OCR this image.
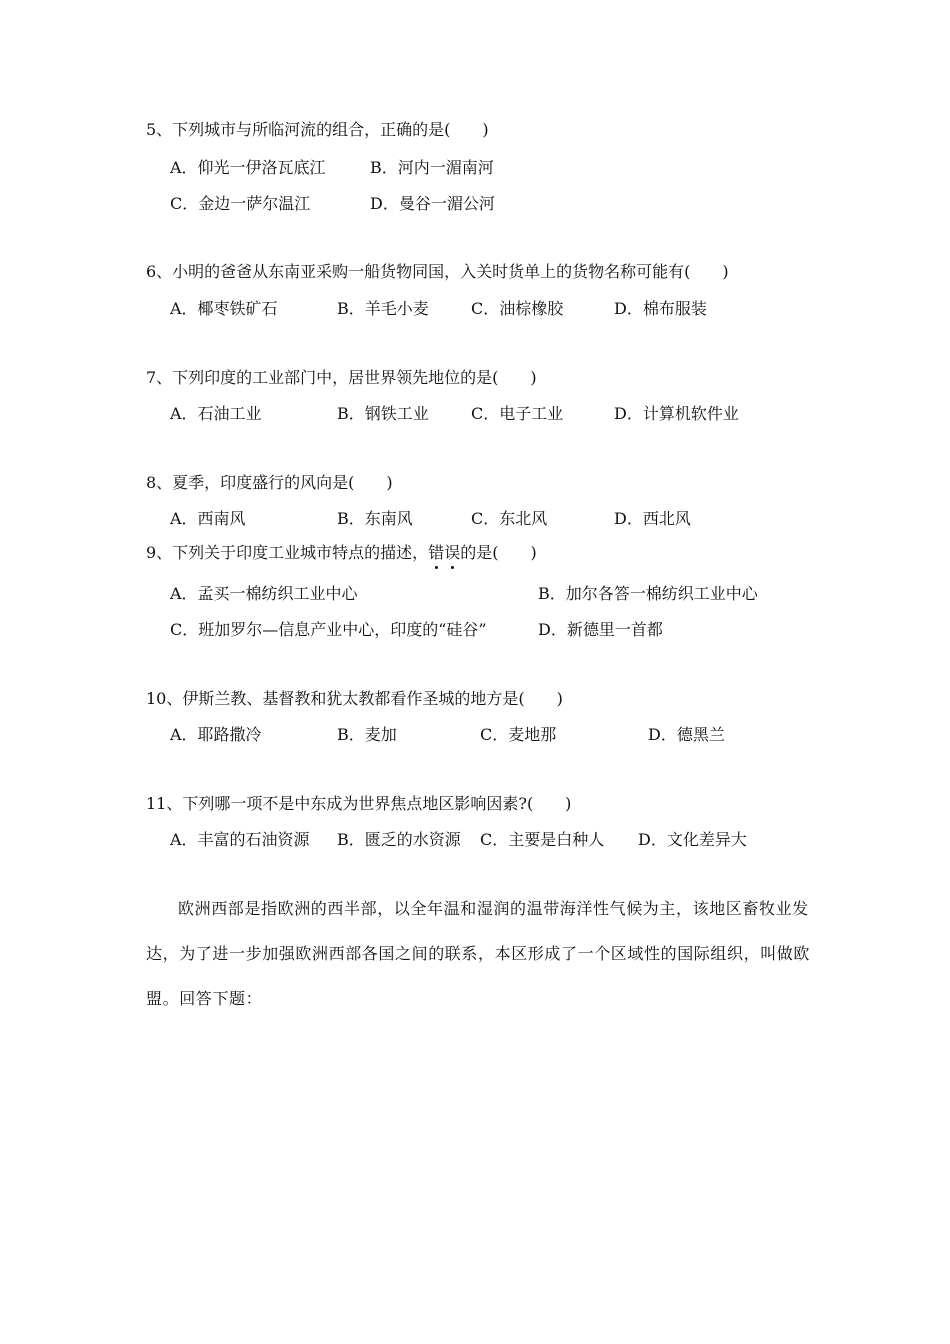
5、下列城市与所临河流的组合，正确的是(　　)
A．仰光一伊洛瓦底江	B．河内一湄南河
C．金边一萨尔温江	D．曼谷一湄公河
6、小明的爸爸从东南亚采购一船货物同国，入关时货单上的货物名称可能有(　　)
A．椰枣铁矿石	B．羊毛小麦	C．油棕橡胶	D．棉布服装
7、下列印度的工业部门中，居世界领先地位的是(　　)
A．石油工业	B．钢铁工业	C．电子工业	D．计算机软件业
8、夏季，印度盛行的风向是(　　)
A．西南风	B．东南风	C．东北风	D．西北风
9、下列关于印度工业城市特点的描述，错误的是(　　)
A．孟买一棉纺织工业中心	B．加尔各答一棉纺织工业中心
C．班加罗尔—信息产业中心，印度的“硅谷”	D．新德里一首都
10、伊斯兰教、基督教和犹太教都看作圣城的地方是(　　)
A．耶路撒冷	B．麦加	C．麦地那	D．德黑兰
11、下列哪一项不是中东成为世界焦点地区影响因素?(　　)
A．丰富的石油资源 B．匮乏的水资源 C．主要是白种人 D．文化差异大
欧洲西部是指欧洲的西半部，以全年温和湿润的温带海洋性气候为主，该地区畜牧业发达，为了进一步加强欧洲西部各国之间的联系，本区形成了一个区域性的国际组织，叫做欧盟。回答下题：
